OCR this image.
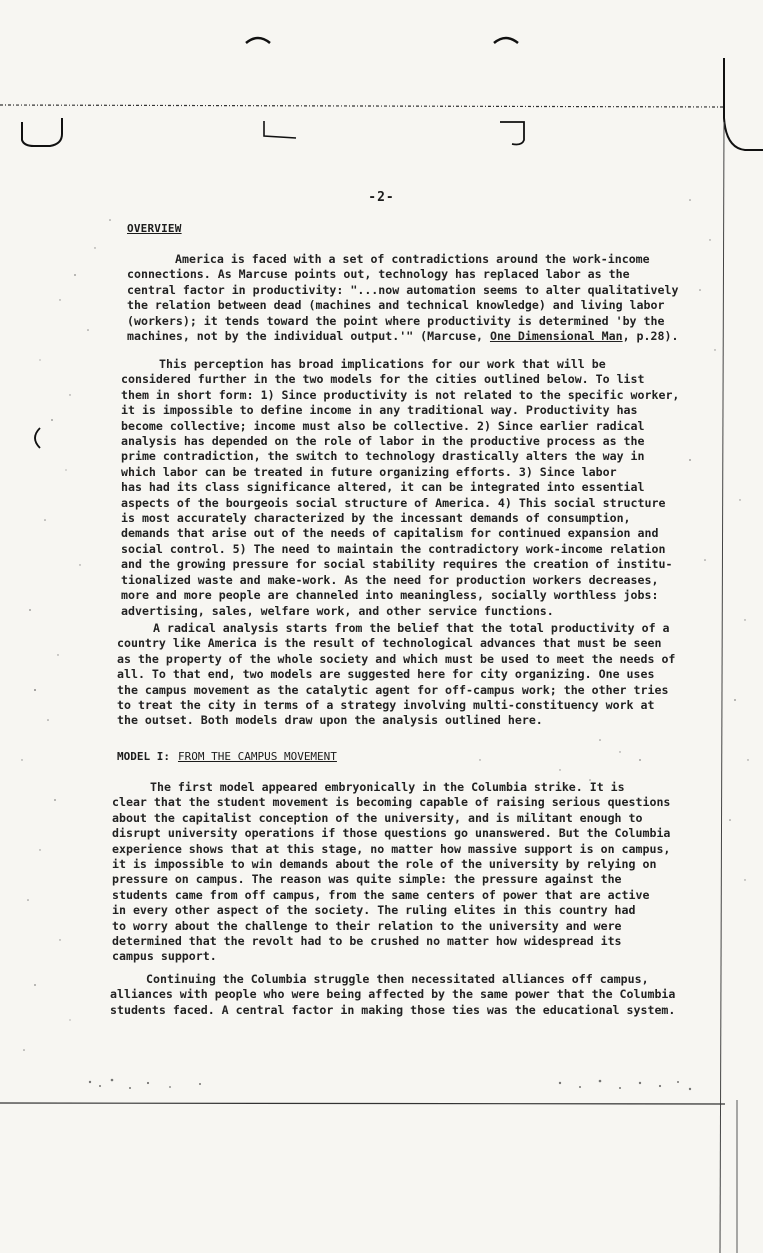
-2-
OVERVIEW
America is faced with a set of contradictions around the work-income
connections. As Marcuse points out, technology has replaced labor as the
central factor in productivity: "...now automation seems to alter qualitatively
the relation between dead (machines and technical knowledge) and living labor
(workers); it tends toward the point where productivity is determined 'by the
machines, not by the individual output.'" (Marcuse, One Dimensional Man, p.28).
This perception has broad implications for our work that will be
considered further in the two models for the cities outlined below. To list
them in short form: 1) Since productivity is not related to the specific worker,
it is impossible to define income in any traditional way. Productivity has
become collective; income must also be collective. 2) Since earlier radical
analysis has depended on the role of labor in the productive process as the
prime contradiction, the switch to technology drastically alters the way in
which labor can be treated in future organizing efforts. 3) Since labor
has had its class significance altered, it can be integrated into essential
aspects of the bourgeois social structure of America. 4) This social structure
is most accurately characterized by the incessant demands of consumption,
demands that arise out of the needs of capitalism for continued expansion and
social control. 5) The need to maintain the contradictory work-income relation
and the growing pressure for social stability requires the creation of institu-
tionalized waste and make-work. As the need for production workers decreases,
more and more people are channeled into meaningless, socially worthless jobs:
advertising, sales, welfare work, and other service functions.
A radical analysis starts from the belief that the total productivity of a
country like America is the result of technological advances that must be seen
as the property of the whole society and which must be used to meet the needs of
all. To that end, two models are suggested here for city organizing. One uses
the campus movement as the catalytic agent for off-campus work; the other tries
to treat the city in terms of a strategy involving multi-constituency work at
the outset. Both models draw upon the analysis outlined here.
MODEL I: FROM THE CAMPUS MOVEMENT
The first model appeared embryonically in the Columbia strike. It is
clear that the student movement is becoming capable of raising serious questions
about the capitalist conception of the university, and is militant enough to
disrupt university operations if those questions go unanswered. But the Columbia
experience shows that at this stage, no matter how massive support is on campus,
it is impossible to win demands about the role of the university by relying on
pressure on campus. The reason was quite simple: the pressure against the
students came from off campus, from the same centers of power that are active
in every other aspect of the society. The ruling elites in this country had
to worry about the challenge to their relation to the university and were
determined that the revolt had to be crushed no matter how widespread its
campus support.
Continuing the Columbia struggle then necessitated alliances off campus,
alliances with people who were being affected by the same power that the Columbia
students faced. A central factor in making those ties was the educational system.
